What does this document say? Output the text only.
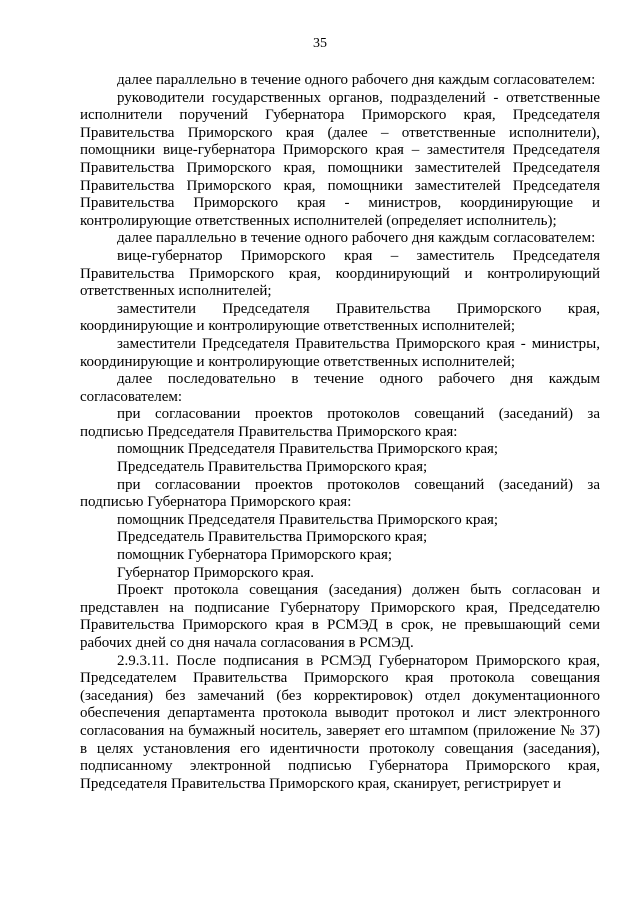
35

далее параллельно в течение одного рабочего дня каждым согласователем:

руководители государственных органов, подразделений - ответственные исполнители поручений Губернатора Приморского края, Председателя Правительства Приморского края (далее – ответственные исполнители), помощники вице-губернатора Приморского края – заместителя Председателя Правительства Приморского края, помощники заместителей Председателя Правительства Приморского края, помощники заместителей Председателя Правительства Приморского края - министров, координирующие и контролирующие ответственных исполнителей (определяет исполнитель);

далее параллельно в течение одного рабочего дня каждым согласователем:

вице-губернатор Приморского края – заместитель Председателя Правительства Приморского края, координирующий и контролирующий ответственных исполнителей;

заместители Председателя Правительства Приморского края, координирующие и контролирующие ответственных исполнителей;

заместители Председателя Правительства Приморского края - министры, координирующие и контролирующие ответственных исполнителей;

далее последовательно в течение одного рабочего дня каждым согласователем:

при согласовании проектов протоколов совещаний (заседаний) за подписью Председателя Правительства Приморского края:

помощник Председателя Правительства Приморского края;

Председатель Правительства Приморского края;

при согласовании проектов протоколов совещаний (заседаний) за подписью Губернатора Приморского края:

помощник Председателя Правительства Приморского края;

Председатель Правительства Приморского края;

помощник Губернатора Приморского края;

Губернатор Приморского края.

Проект протокола совещания (заседания) должен быть согласован и представлен на подписание Губернатору Приморского края, Председателю Правительства Приморского края в РСМЭД в срок, не превышающий семи рабочих дней со дня начала согласования в РСМЭД.

2.9.3.11. После подписания в РСМЭД Губернатором Приморского края, Председателем Правительства Приморского края протокола совещания (заседания) без замечаний (без корректировок) отдел документационного обеспечения департамента протокола выводит протокол и лист электронного согласования на бумажный носитель, заверяет его штампом (приложение № 37) в целях установления его идентичности протоколу совещания (заседания), подписанному электронной подписью Губернатора Приморского края, Председателя Правительства Приморского края, сканирует, регистрирует и
